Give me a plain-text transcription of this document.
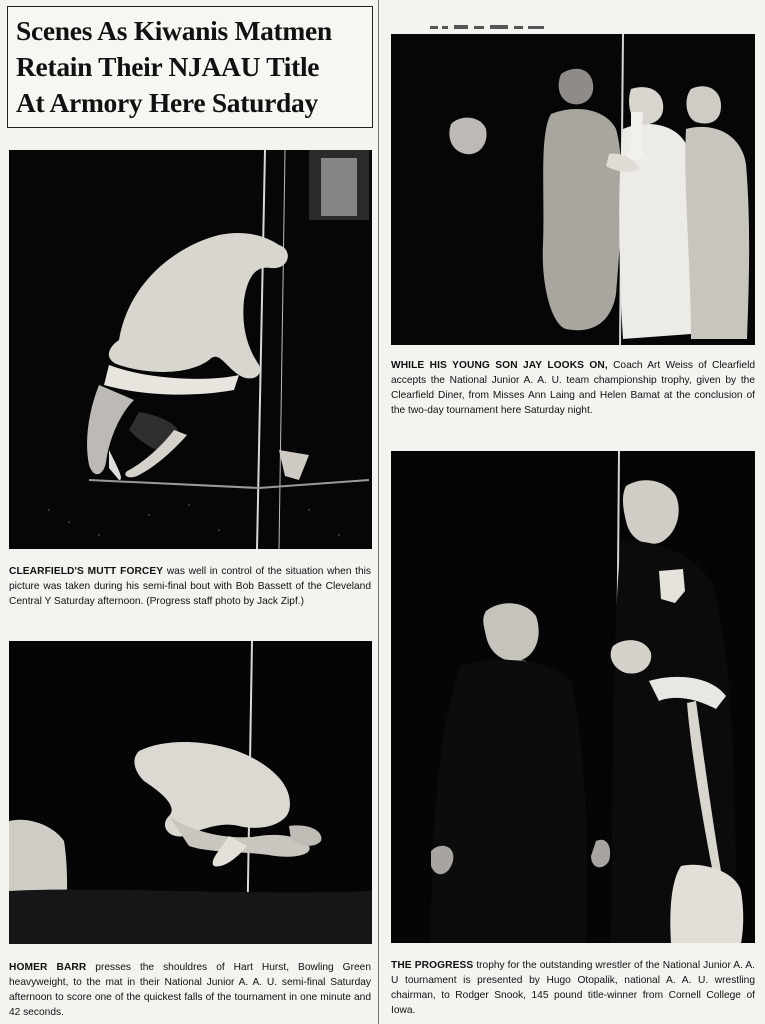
Scenes As Kiwanis Matmen
Retain Their NJAAU Title
At Armory Here Saturday
CLEARFIELD'S MUTT FORCEY was well in control of the situation when this picture was taken during his semi-final bout with Bob Bassett of the Cleveland Central Y Saturday afternoon. (Progress staff photo by Jack Zipf.)
HOMER BARR presses the shouldres of Hart Hurst, Bowling Green heavyweight, to the mat in their National Junior A. A. U. semi-final Saturday afternoon to score one of the quickest falls of the tournament in one minute and 42 seconds.
WHILE HIS YOUNG SON JAY LOOKS ON, Coach Art Weiss of Clearfield accepts the National Junior A. A. U. team championship trophy, given by the Clearfield Diner, from Misses Ann Laing and Helen Bamat at the conclusion of the two-day tournament here Saturday night.
THE PROGRESS trophy for the outstanding wrestler of the National Junior A. A. U tournament is presented by Hugo Otopalik, national A. A. U. wrestling chairman, to Rodger Snook, 145 pound title-winner from Cornell College of Iowa.
